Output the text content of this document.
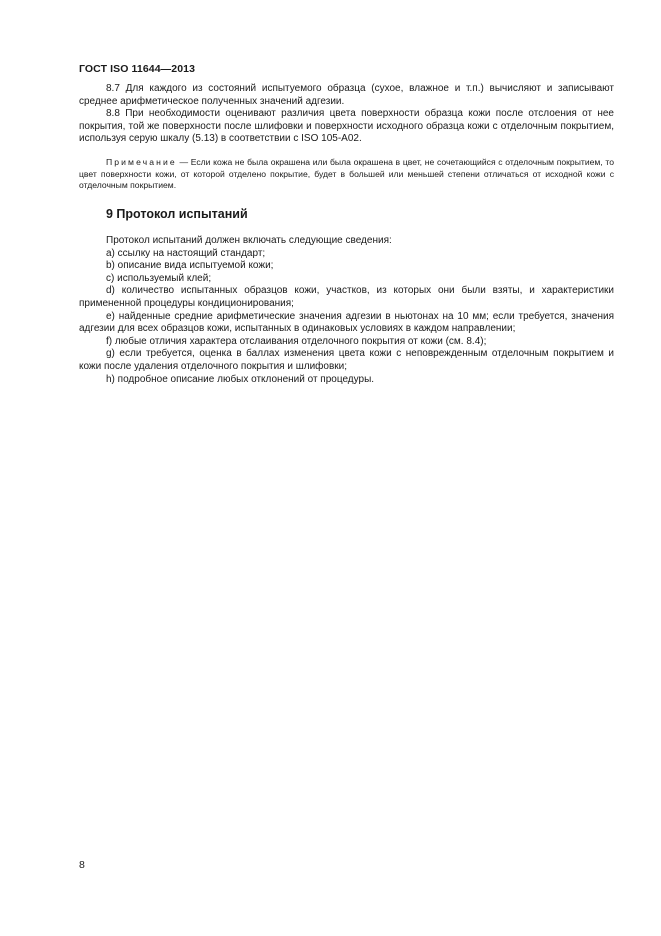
ГОСТ ISO 11644—2013

8.7 Для каждого из состояний испытуемого образца (сухое, влажное и т.п.) вычисляют и записывают среднее арифметическое полученных значений адгезии.

8.8 При необходимости оценивают различия цвета поверхности образца кожи после отслоения от нее покрытия, той же поверхности после шлифовки и поверхности исходного образца кожи с отделочным покрытием, используя серую шкалу (5.13) в соответствии с ISO 105-A02.

Примечание — Если кожа не была окрашена или была окрашена в цвет, не сочетающийся с отделочным покрытием, то цвет поверхности кожи, от которой отделено покрытие, будет в большей или меньшей степени отличаться от исходной кожи с отделочным покрытием.

9 Протокол испытаний

Протокол испытаний должен включать следующие сведения:

a) ссылку на настоящий стандарт;

b) описание вида испытуемой кожи;

c) используемый клей;

d) количество испытанных образцов кожи, участков, из которых они были взяты, и характеристики примененной процедуры кондиционирования;

e) найденные средние арифметические значения адгезии в ньютонах на 10 мм; если требуется, значения адгезии для всех образцов кожи, испытанных в одинаковых условиях в каждом направлении;

f) любые отличия характера отслаивания отделочного покрытия от кожи (см. 8.4);

g) если требуется, оценка в баллах изменения цвета кожи с неповрежденным отделочным покрытием и кожи после удаления отделочного покрытия и шлифовки;

h) подробное описание любых отклонений от процедуры.

8
